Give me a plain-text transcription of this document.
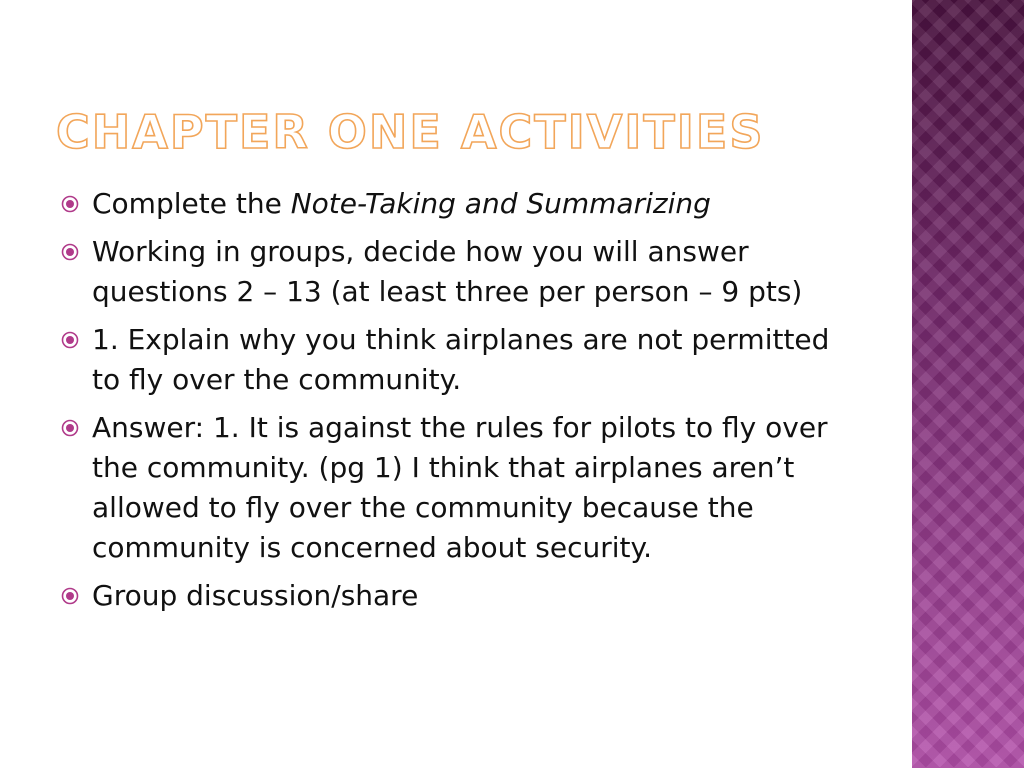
CHAPTER ONE ACTIVITIES
Complete the Note-Taking and Summarizing
Working in groups, decide how you will answer questions 2 – 13 (at least three per person – 9 pts)
1. Explain why you think airplanes are not permitted to fly over the community.
Answer: 1. It is against the rules for pilots to fly over the community. (pg 1) I think that airplanes aren’t allowed to fly over the community because the community is concerned about security.
Group discussion/share
